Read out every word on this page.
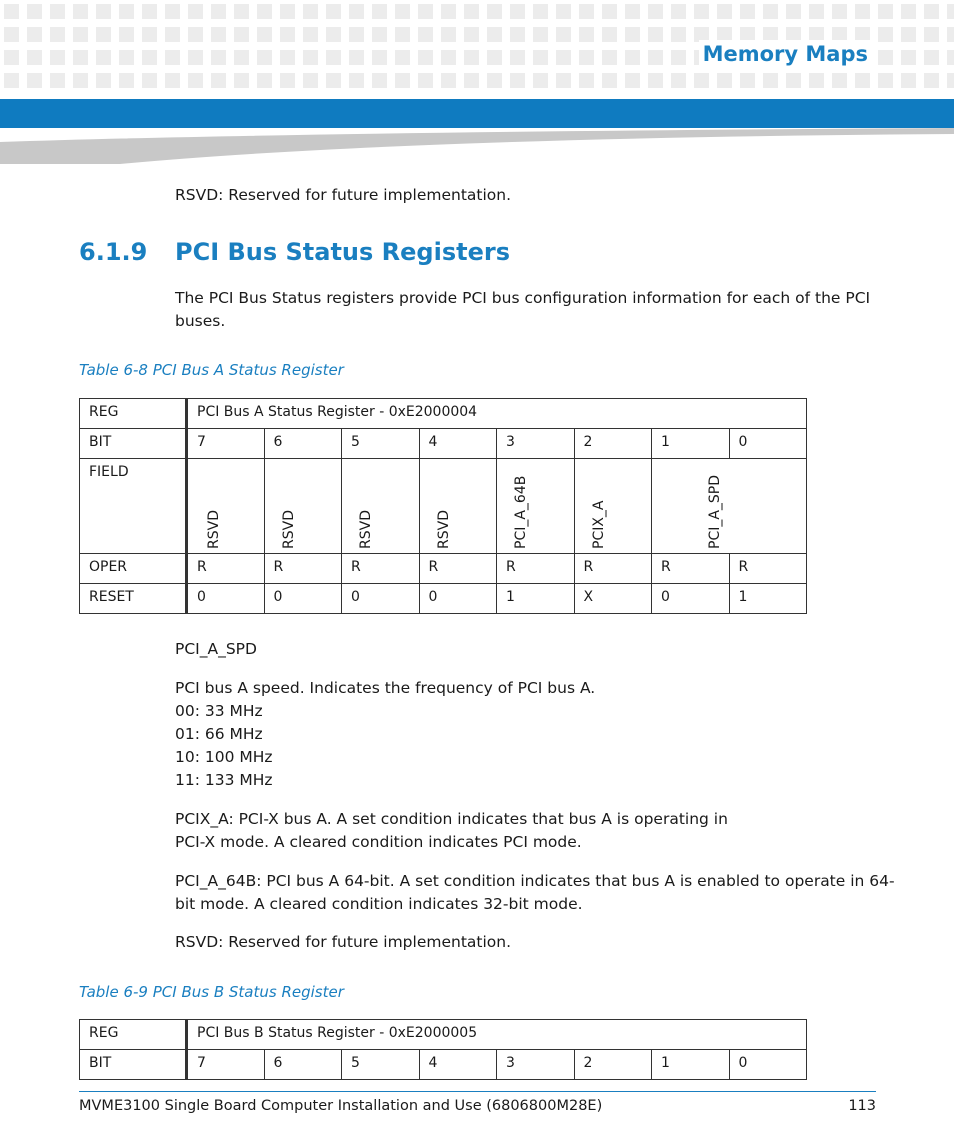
Memory Maps
RSVD: Reserved for future implementation.
6.1.9 PCI Bus Status Registers
The PCI Bus Status registers provide PCI bus configuration information for each of the PCI
buses.
Table 6-8 PCI Bus A Status Register
REG	PCI Bus A Status Register - 0xE2000004							
BIT	7	6	5	4	3	2	1	0
FIELD	RSVD	RSVD	RSVD	RSVD	PCI_A_64B	PCIX_A	PCI_A_SPD	

OPER	R	R	R	R	R	R	R	R
RESET	0	0	0	0	1	X	0	1
PCI_A_SPD
PCI bus A speed. Indicates the frequency of PCI bus A.
00: 33 MHz
01: 66 MHz
10: 100 MHz
11: 133 MHz
PCIX_A: PCI-X bus A. A set condition indicates that bus A is operating in
PCI-X mode. A cleared condition indicates PCI mode.
PCI_A_64B: PCI bus A 64-bit. A set condition indicates that bus A is enabled to operate in 64-
bit mode. A cleared condition indicates 32-bit mode.
RSVD: Reserved for future implementation.
Table 6-9 PCI Bus B Status Register
REG	PCI Bus B Status Register - 0xE2000005							
BIT	7	6	5	4	3	2	1	0
MVME3100 Single Board Computer Installation and Use (6806800M28E)	113
